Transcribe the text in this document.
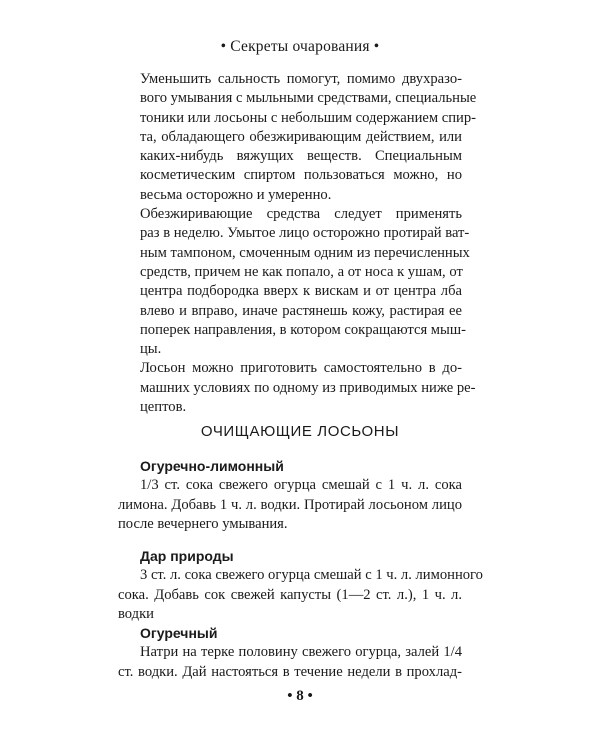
• Секреты очарования •

Уменьшить сальность помогут, помимо двухразо-
вого умывания с мыльными средствами, специальные
тоники или лосьоны с небольшим содержанием спир-
та, обладающего обезжиривающим действием, или
каких-нибудь вяжущих веществ. Специальным
косметическим спиртом пользоваться можно, но
весьма осторожно и умеренно.

Обезжиривающие средства следует применять
раз в неделю. Умытое лицо осторожно протирай ват-
ным тампоном, смоченным одним из перечисленных
средств, причем не как попало, а от носа к ушам, от
центра подбородка вверх к вискам и от центра лба
влево и вправо, иначе растянешь кожу, растирая ее
поперек направления, в котором сокращаются мыш-
цы.

Лосьон можно приготовить самостоятельно в до-
машних условиях по одному из приводимых ниже ре-
цептов.

ОЧИЩАЮЩИЕ ЛОСЬОНЫ
Огуречно-лимонный
1/3 ст. сока свежего огурца смешай с 1 ч. л. сока
лимона. Добавь 1 ч. л. водки. Протирай лосьоном лицо
после вечернего умывания.
Дар природы
3 ст. л. сока свежего огурца смешай с 1 ч. л. лимонного
сока. Добавь сок свежей капусты (1—2 ст. л.), 1 ч. л.
водки
Огуречный
Натри на терке половину свежего огурца, залей 1/4
ст. водки. Дай настояться в течение недели в прохлад-
• 8 •
